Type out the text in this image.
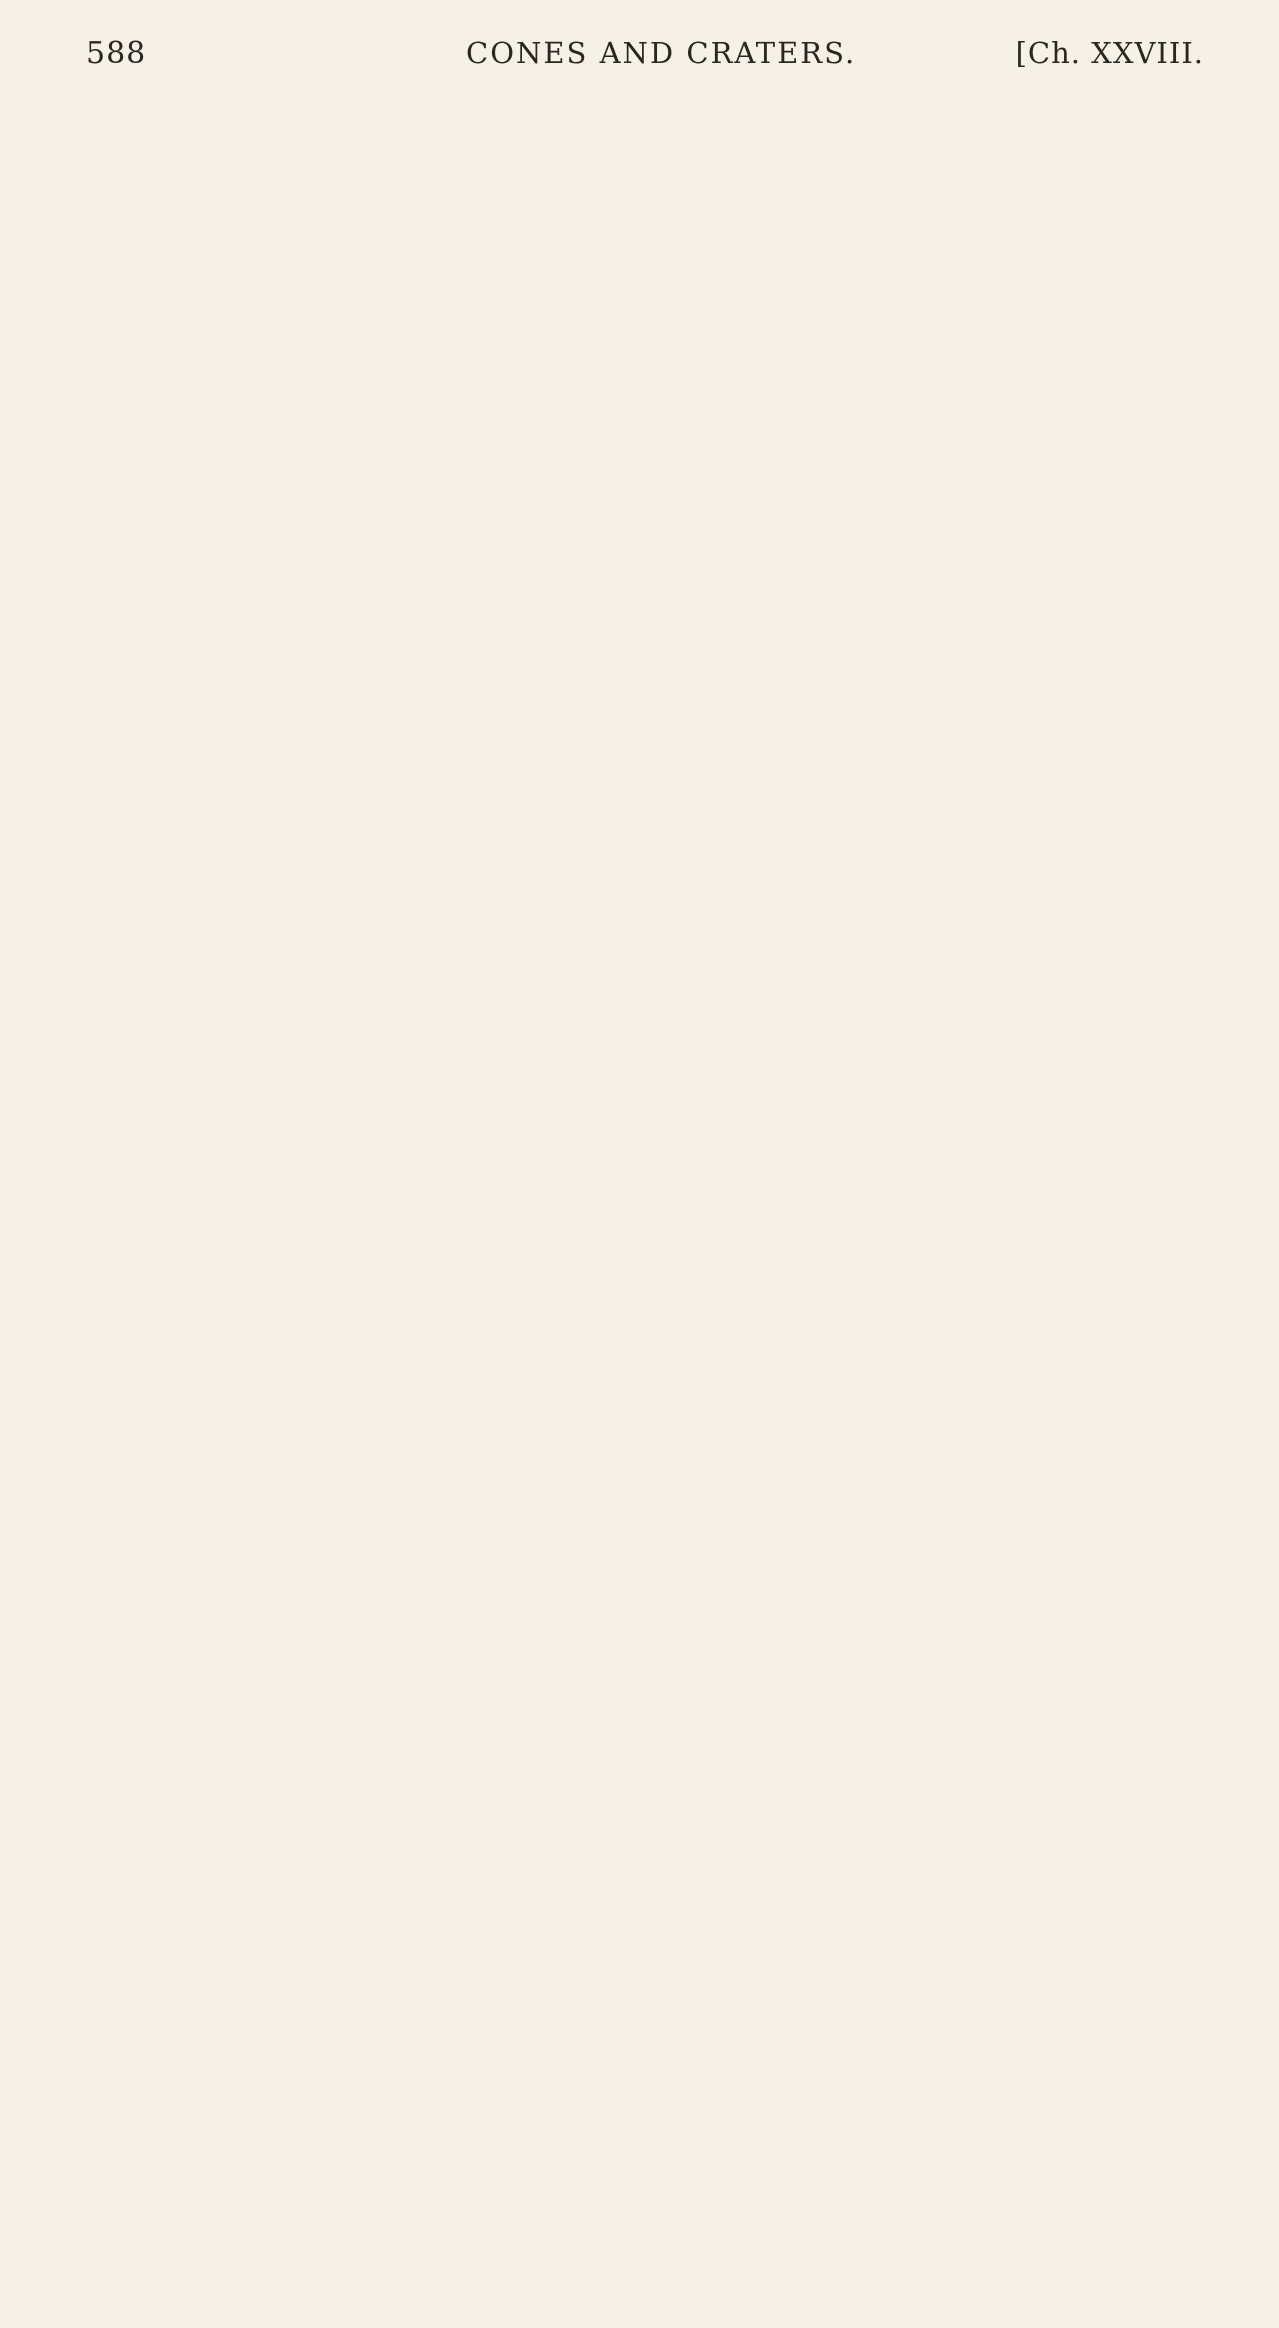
588	CONES AND CRATERS.	[Ch. XXVIII.
